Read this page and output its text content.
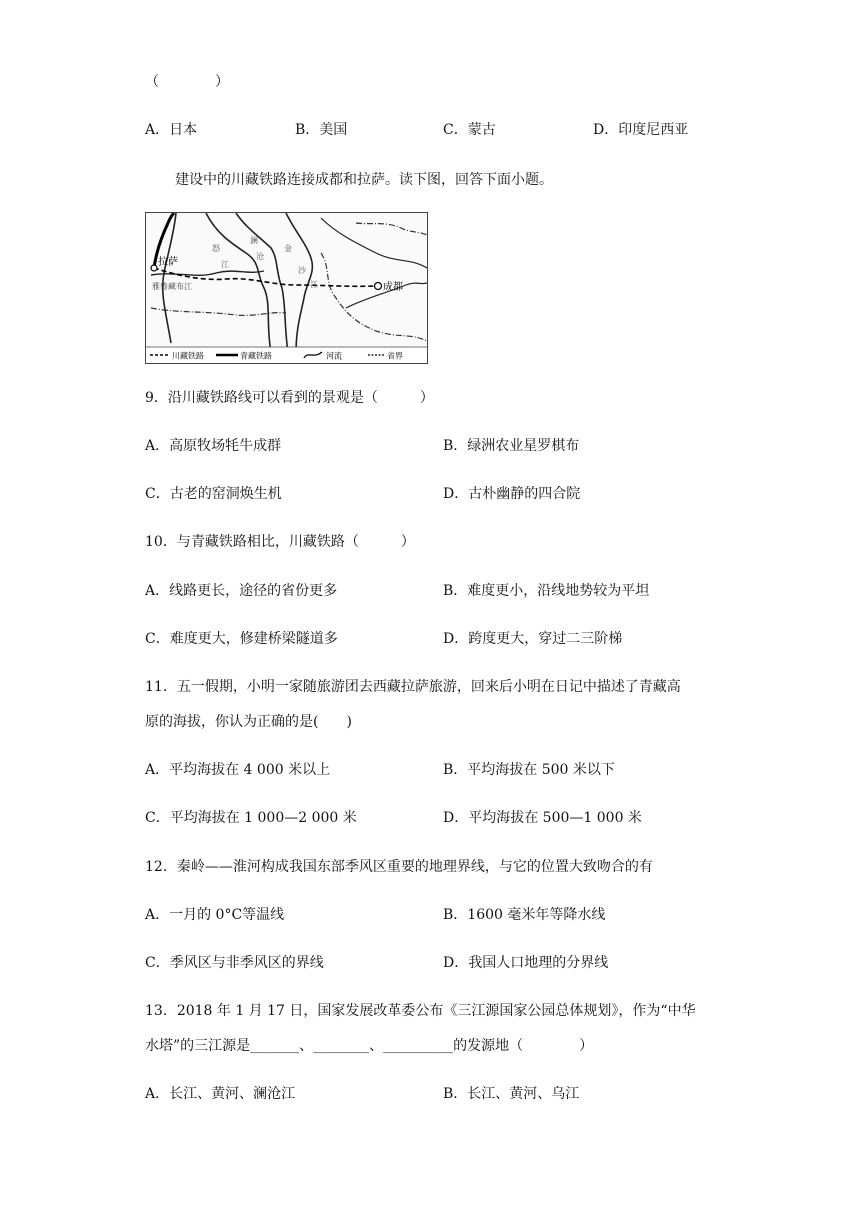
（　　　　）
A．日本	B．美国	C．蒙古	D．印度尼西亚
建设中的川藏铁路连接成都和拉萨。读下图，回答下面小题。
拉萨
成都
雅鲁藏布江
怒
江
澜
沧
金
沙
江
川藏铁路	青藏铁路	河流	省界
9．沿川藏铁路线可以看到的景观是（　　　）
A．高原牧场牦牛成群	B．绿洲农业星罗棋布
C．古老的窑洞焕生机	D．古朴幽静的四合院
10．与青藏铁路相比，川藏铁路（　　　）
A．线路更长，途径的省份更多	B．难度更小，沿线地势较为平坦
C．难度更大，修建桥梁隧道多	D．跨度更大，穿过二三阶梯
11．五一假期，小明一家随旅游团去西藏拉萨旅游，回来后小明在日记中描述了青藏高
原的海拔，你认为正确的是(　　)
A．平均海拔在 4 000 米以上	B．平均海拔在 500 米以下
C．平均海拔在 1 000—2 000 米	D．平均海拔在 500—1 000 米
12．秦岭——淮河构成我国东部季风区重要的地理界线，与它的位置大致吻合的有
A．一月的 0°C等温线	B．1600 毫米年等降水线
C．季风区与非季风区的界线	D．我国人口地理的分界线
13．2018 年 1 月 17 日，国家发展改革委公布《三江源国家公园总体规划》，作为“中华
水塔”的三江源是_______、________、__________的发源地（　　　　）
A．长江、黄河、澜沧江	B．长江、黄河、乌江
